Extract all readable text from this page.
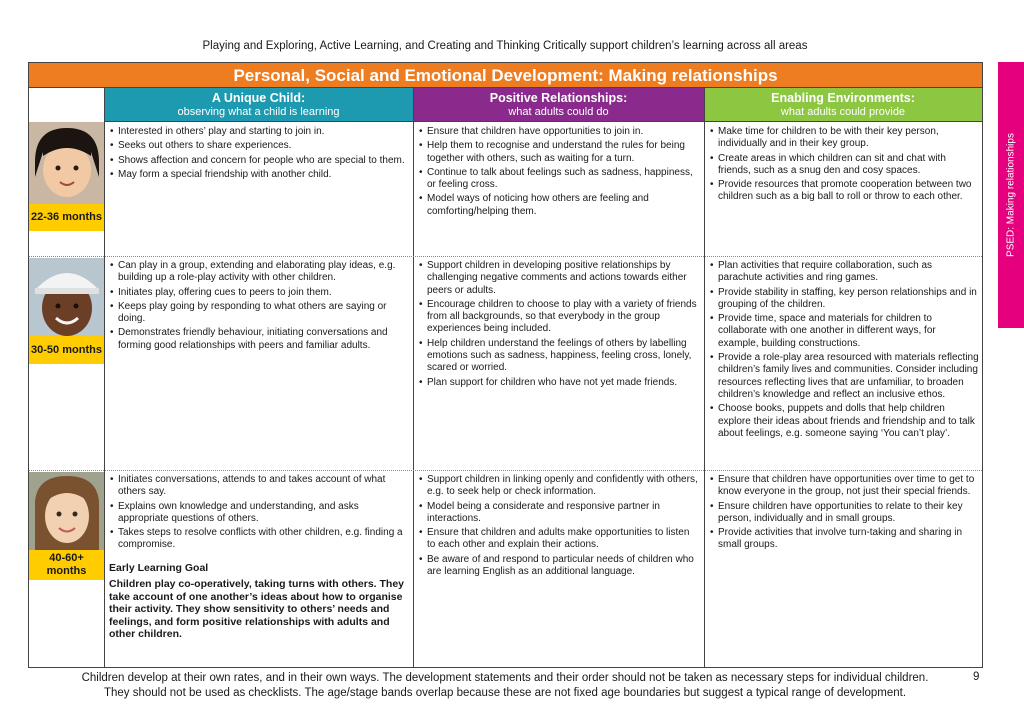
Playing and Exploring, Active Learning, and Creating and Thinking Critically support children’s learning across all areas
PSED: Making relationships
Personal, Social and Emotional Development: Making relationships
A Unique Child:
observing what a child is learning
Positive Relationships:
what adults could do
Enabling Environments:
what adults could provide
22-36 months
• Interested in others’ play and starting to join in.
• Seeks out others to share experiences.
• Shows affection and concern for people who are special to them.
• May form a special friendship with another child.
• Ensure that children have opportunities to join in.
• Help them to recognise and understand the rules for being together with others, such as waiting for a turn.
• Continue to talk about feelings such as sadness, happiness, or feeling cross.
• Model ways of noticing how others are feeling and comforting/helping them.
• Make time for children to be with their key person, individually and in their key group.
• Create areas in which children can sit and chat with friends, such as a snug den and cosy spaces.
• Provide resources that promote cooperation between two children such as a big ball to roll or throw to each other.
30-50 months
• Can play in a group, extending and elaborating play ideas, e.g. building up a role-play activity with other children.
• Initiates play, offering cues to peers to join them.
• Keeps play going by responding to what others are saying or doing.
• Demonstrates friendly behaviour, initiating conversations and forming good relationships with peers and familiar adults.
• Support children in developing positive relationships by challenging negative comments and actions towards either peers or adults.
• Encourage children to choose to play with a variety of friends from all backgrounds, so that everybody in the group experiences being included.
• Help children understand the feelings of others by labelling emotions such as sadness, happiness, feeling cross, lonely, scared or worried.
• Plan support for children who have not yet made friends.
• Plan activities that require collaboration, such as parachute activities and ring games.
• Provide stability in staffing, key person relationships and in grouping of the children.
• Provide time, space and materials for children to collaborate with one another in different ways, for example, building constructions.
• Provide a role-play area resourced with materials reflecting children’s family lives and communities. Consider including resources reflecting lives that are unfamiliar, to broaden children’s knowledge and reflect an inclusive ethos.
• Choose books, puppets and dolls that help children explore their ideas about friends and friendship and to talk about feelings, e.g. someone saying ‘You can’t play’.
40-60+ months
• Initiates conversations, attends to and takes account of what others say.
• Explains own knowledge and understanding, and asks appropriate questions of others.
• Takes steps to resolve conflicts with other children, e.g. finding a compromise.
Early Learning Goal
Children play co-operatively, taking turns with others. They take account of one another’s ideas about how to organise their activity. They show sensitivity to others’ needs and feelings, and form positive relationships with adults and other children.
• Support children in linking openly and confidently with others, e.g. to seek help or check information.
• Model being a considerate and responsive partner in interactions.
• Ensure that children and adults make opportunities to listen to each other and explain their actions.
• Be aware of and respond to particular needs of children who are learning English as an additional language.
• Ensure that children have opportunities over time to get to know everyone in the group, not just their special friends.
• Ensure children have opportunities to relate to their key person, individually and in small groups.
• Provide activities that involve turn-taking and sharing in small groups.
Children develop at their own rates, and in their own ways. The development statements and their order should not be taken as necessary steps for individual children.
They should not be used as checklists. The age/stage bands overlap because these are not fixed age boundaries but suggest a typical range of development.
9
